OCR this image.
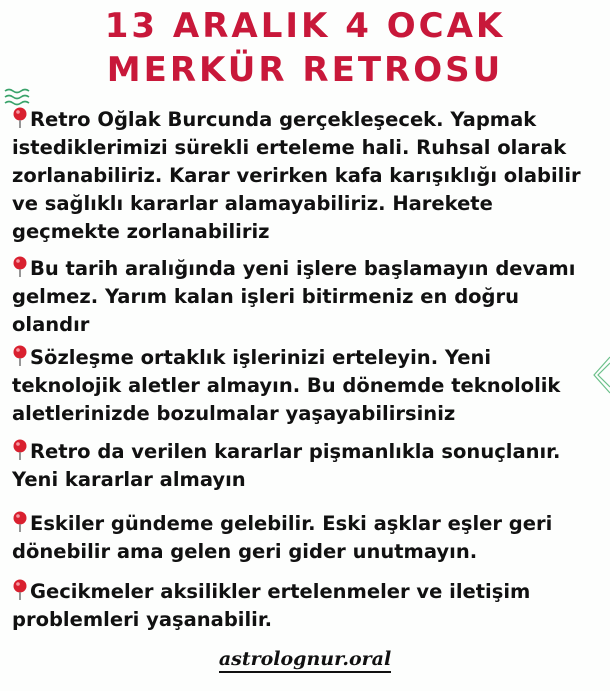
13 ARALIK 4 OCAK
MERKÜR RETROSU
Retro Oğlak Burcunda gerçekleşecek. Yapmak istediklerimizi sürekli erteleme hali. Ruhsal olarak zorlanabiliriz. Karar verirken kafa karışıklığı olabilir ve sağlıklı kararlar alamayabiliriz. Harekete geçmekte zorlanabiliriz
Bu tarih aralığında yeni işlere başlamayın devamı gelmez. Yarım kalan işleri bitirmeniz en doğru olandır
Sözleşme ortaklık işlerinizi erteleyin. Yeni teknolojik aletler almayın. Bu dönemde teknololik aletlerinizde bozulmalar yaşayabilirsiniz
Retro da verilen kararlar pişmanlıkla sonuçlanır. Yeni kararlar almayın
Eskiler gündeme gelebilir. Eski aşklar eşler geri dönebilir ama gelen geri gider unutmayın.
Gecikmeler aksilikler ertelenmeler ve iletişim problemleri yaşanabilir.
astrolognur.oral
